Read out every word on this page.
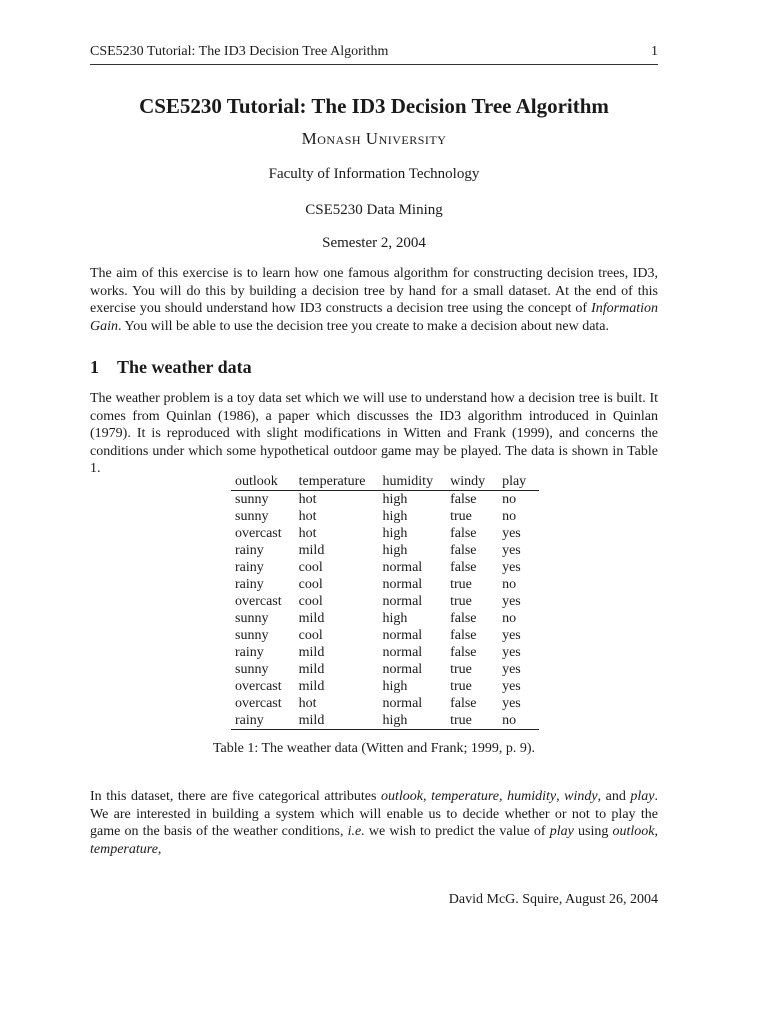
CSE5230 Tutorial: The ID3 Decision Tree Algorithm	1
CSE5230 Tutorial: The ID3 Decision Tree Algorithm
Monash University
Faculty of Information Technology
CSE5230 Data Mining
Semester 2, 2004

The aim of this exercise is to learn how one famous algorithm for constructing decision trees, ID3, works. You will do this by building a decision tree by hand for a small dataset. At the end of this exercise you should understand how ID3 constructs a decision tree using the concept of Information Gain. You will be able to use the decision tree you create to make a decision about new data.

1 The weather data

The weather problem is a toy data set which we will use to understand how a decision tree is built. It comes from Quinlan (1986), a paper which discusses the ID3 algorithm introduced in Quinlan (1979). It is reproduced with slight modifications in Witten and Frank (1999), and concerns the conditions under which some hypothetical outdoor game may be played. The data is shown in Table 1.

outlook	temperature	humidity	windy	play
sunny	hot	high	false	no
sunny	hot	high	true	no
overcast	hot	high	false	yes
rainy	mild	high	false	yes
rainy	cool	normal	false	yes
rainy	cool	normal	true	no
overcast	cool	normal	true	yes
sunny	mild	high	false	no
sunny	cool	normal	false	yes
rainy	mild	normal	false	yes
sunny	mild	normal	true	yes
overcast	mild	high	true	yes
overcast	hot	normal	false	yes
rainy	mild	high	true	no
Table 1: The weather data (Witten and Frank; 1999, p. 9).

In this dataset, there are five categorical attributes outlook, temperature, humidity, windy, and play. We are interested in building a system which will enable us to decide whether or not to play the game on the basis of the weather conditions, i.e. we wish to predict the value of play using outlook, temperature,

David McG. Squire, August 26, 2004
